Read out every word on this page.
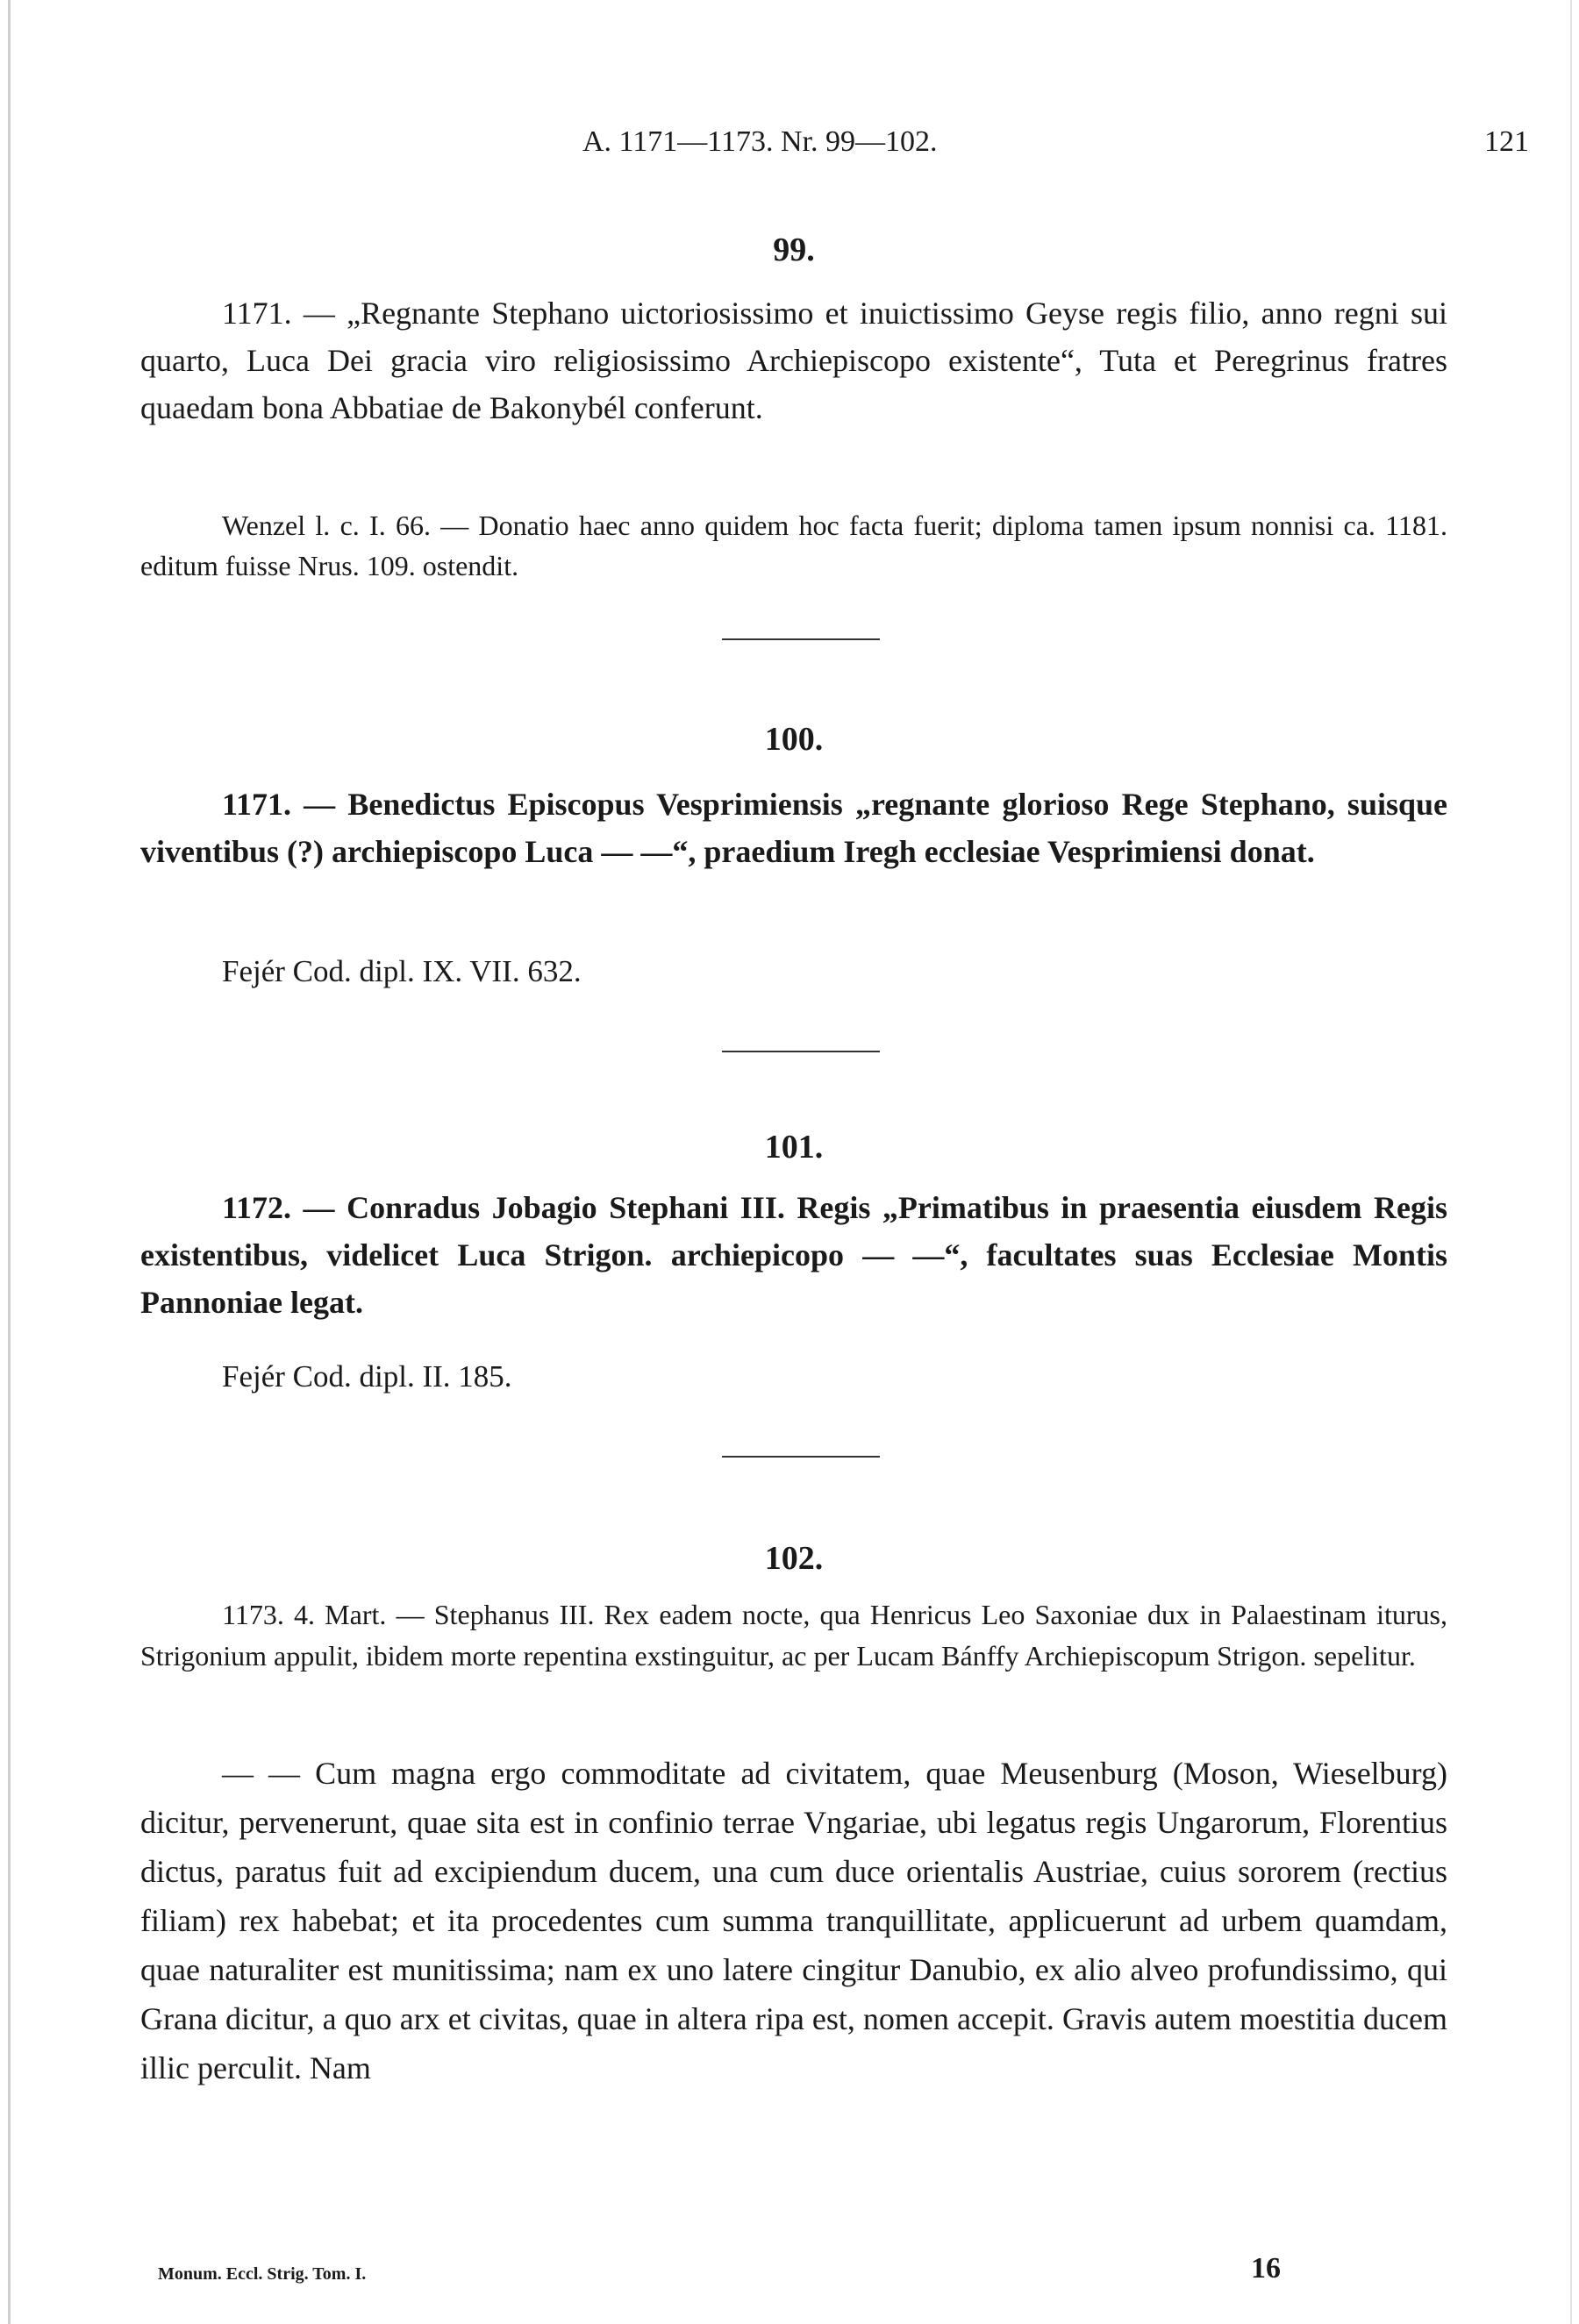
A. 1171—1173. Nr. 99—102.	121
99.

1171. — „Regnante Stephano uictoriosissimo et inuictissimo Geyse regis filio, anno regni sui quarto, Luca Dei gracia viro religiosissimo Archiepiscopo existente“, Tuta et Peregrinus fratres quaedam bona Abbatiae de Bakonybél conferunt.

Wenzel l. c. I. 66. — Donatio haec anno quidem hoc facta fuerit; diploma tamen ipsum nonnisi ca. 1181. editum fuisse Nrus. 109. ostendit.

100.

1171. — Benedictus Episcopus Vesprimiensis „regnante glorioso Rege Stephano, suisque viventibus (?) archiepiscopo Luca — —“, praedium Iregh ecclesiae Vesprimiensi donat.

Fejér Cod. dipl. IX. VII. 632.

101.

1172. — Conradus Jobagio Stephani III. Regis „Primatibus in praesentia eiusdem Regis existentibus, videlicet Luca Strigon. archiepicopo — —“, facultates suas Ecclesiae Montis Pannoniae legat.

Fejér Cod. dipl. II. 185.

102.

1173. 4. Mart. — Stephanus III. Rex eadem nocte, qua Henricus Leo Saxoniae dux in Palaestinam iturus, Strigonium appulit, ibidem morte repentina exstinguitur, ac per Lucam Bánffy Archiepiscopum Strigon. sepelitur.

— — Cum magna ergo commoditate ad civitatem, quae Meusenburg (Moson, Wieselburg) dicitur, pervenerunt, quae sita est in confinio terrae Vngariae, ubi legatus regis Ungarorum, Florentius dictus, paratus fuit ad excipiendum ducem, una cum duce orientalis Austriae, cuius sororem (rectius filiam) rex habebat; et ita procedentes cum summa tranquillitate, applicuerunt ad urbem quamdam, quae naturaliter est munitissima; nam ex uno latere cingitur Danubio, ex alio alveo profundissimo, qui Grana dicitur, a quo arx et civitas, quae in altera ripa est, nomen accepit. Gravis autem moestitia ducem illic perculit. Nam

Monum. Eccl. Strig. Tom. I.	16
